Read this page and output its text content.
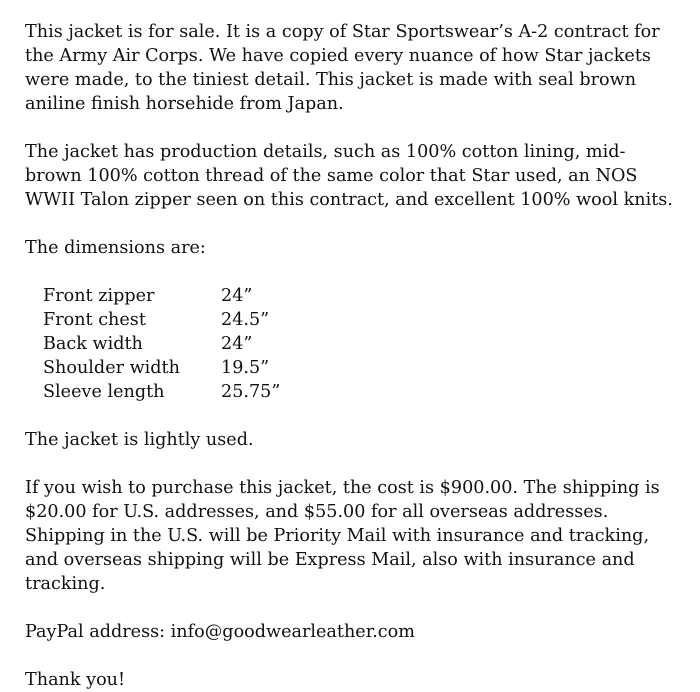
This jacket is for sale. It is a copy of Star Sportswear’s A-2 contract for the Army Air Corps. We have copied every nuance of how Star jackets were made, to the tiniest detail. This jacket is made with seal brown aniline finish horsehide from Japan.

The jacket has production details, such as 100% cotton lining, mid-brown 100% cotton thread of the same color that Star used, an NOS WWII Talon zipper seen on this contract, and excellent 100% wool knits.

The dimensions are:

Front zipper	24”
Front chest	24.5”
Back width	24”
Shoulder width	19.5”
Sleeve length	25.75”

The jacket is lightly used.

If you wish to purchase this jacket, the cost is $900.00. The shipping is $20.00 for U.S. addresses, and $55.00 for all overseas addresses. Shipping in the U.S. will be Priority Mail with insurance and tracking, and overseas shipping will be Express Mail, also with insurance and tracking.

PayPal address: info@goodwearleather.com

Thank you!
